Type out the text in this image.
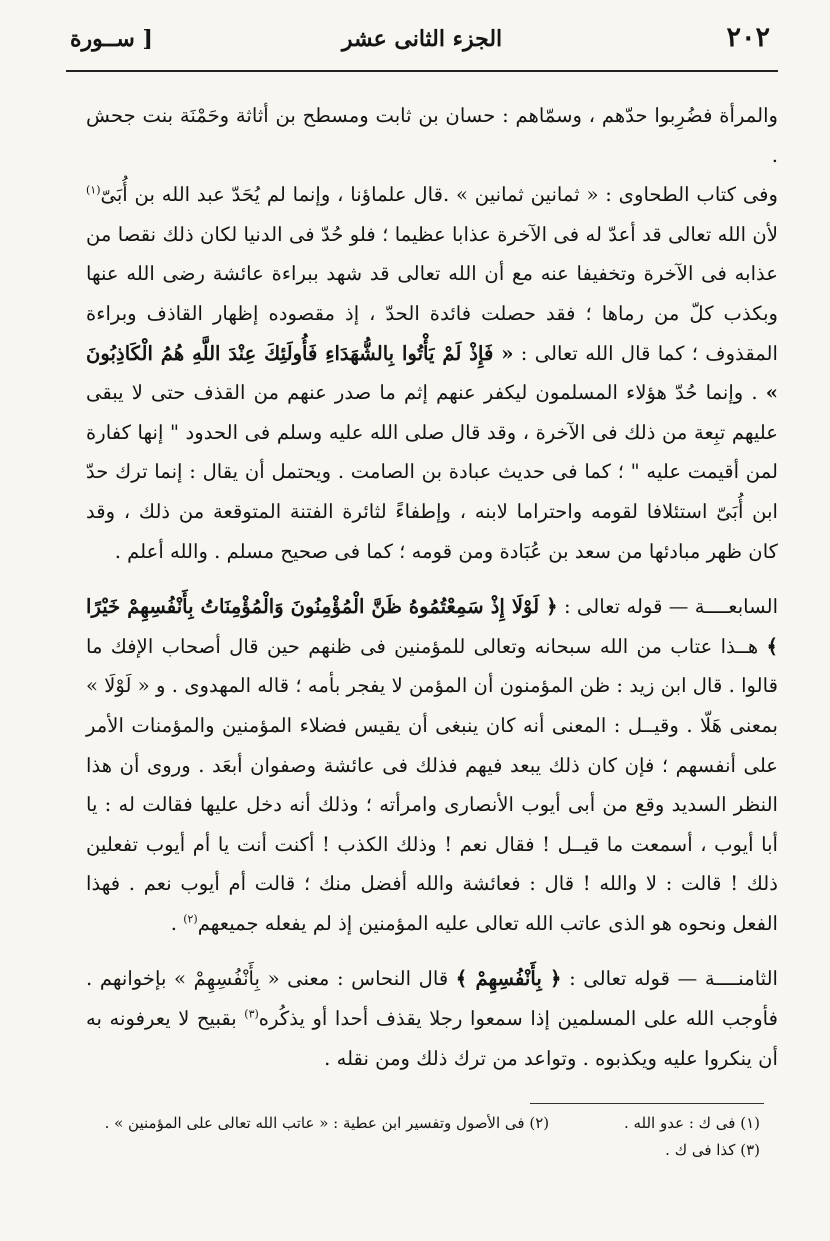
٢٠٢
الجزء الثانى عشر
[ ســورة

والمرأة فضُرِبوا حدّهم ، وسمّاهم : حسان بن ثابت ومسطح بن أثاثة وحَمْنَة بنت جحش .

وفى كتاب الطحاوى : « ثمانين ثمانين » .قال علماؤنا ، وإنما لم يُحَدّ عبد الله بن أُبَىّ$^{(١)}$ لأن الله تعالى قد أعدّ له فى الآخرة عذابا عظيما ؛ فلو حُدّ فى الدنيا لكان ذلك نقصا من عذابه فى الآخرة وتخفيفا عنه مع أن الله تعالى قد شهد ببراءة عائشة رضى الله عنها وبكذب كلّ من رماها ؛ فقد حصلت فائدة الحدّ ، إذ مقصوده إظهار القاذف وبراءة المقذوف ؛ كما قال الله تعالى : « فَإِذْ لَمْ يَأْتُوا بِالشُّهَدَاءِ فَأُولَئِكَ عِنْدَ اللَّهِ هُمُ الْكَاذِبُونَ » . وإنما حُدّ هؤلاء المسلمون ليكفر عنهم إثم ما صدر عنهم من القذف حتى لا يبقى عليهم تبِعة من ذلك فى الآخرة ، وقد قال صلى الله عليه وسلم فى الحدود " إنها كفارة لمن أقيمت عليه " ؛ كما فى حديث عبادة بن الصامت . ويحتمل أن يقال : إنما ترك حدّ ابن أُبَىّ استئلافا لقومه واحتراما لابنه ، وإطفاءً لثائرة الفتنة المتوقعة من ذلك ، وقد كان ظهر مبادئها من سعد بن عُبَادة ومن قومه ؛ كما فى صحيح مسلم . والله أعلم .

السابعــــة — قوله تعالى : ﴿ لَوْلَا إِذْ سَمِعْتُمُوهُ ظَنَّ الْمُؤْمِنُونَ وَالْمُؤْمِنَاتُ بِأَنْفُسِهِمْ خَيْرًا ﴾ هــذا عتاب من الله سبحانه وتعالى للمؤمنين فى ظنهم حين قال أصحاب الإفك ما قالوا . قال ابن زيد : ظن المؤمنون أن المؤمن لا يفجر بأمه ؛ قاله المهدوى . و « لَوْلَا » بمعنى هَلّا . وقيــل : المعنى أنه كان ينبغى أن يقيس فضلاء المؤمنين والمؤمنات الأمر على أنفسهم ؛ فإن كان ذلك يبعد فيهم فذلك فى عائشة وصفوان أبعَد . وروى أن هذا النظر السديد وقع من أبى أيوب الأنصارى وامرأته ؛ وذلك أنه دخل عليها فقالت له : يا أبا أيوب ، أسمعت ما قيــل ! فقال نعم ! وذلك الكذب ! أكنت أنت يا أم أيوب تفعلين ذلك ! قالت : لا والله ! قال : فعائشة والله أفضل منك ؛ قالت أم أيوب نعم . فهذا الفعل ونحوه هو الذى عاتب الله تعالى عليه المؤمنين إذ لم يفعله جميعهم$^{(٢)}$ .

الثامنــــة — قوله تعالى : ﴿ بِأَنْفُسِهِمْ ﴾ قال النحاس : معنى « بِأَنْفُسِهِمْ » بإخوانهم . فأوجب الله على المسلمين إذا سمعوا رجلا يقذف أحدا أو يذكُره$^{(٣)}$ بقبيح لا يعرفونه به أن ينكروا عليه ويكذبوه . وتواعد من ترك ذلك ومن نقله .

(١) فى ك : عدو الله . (٢) فى الأصول وتفسير ابن عطية : « عاتب الله تعالى على المؤمنين » .
(٣) كذا فى ك .
